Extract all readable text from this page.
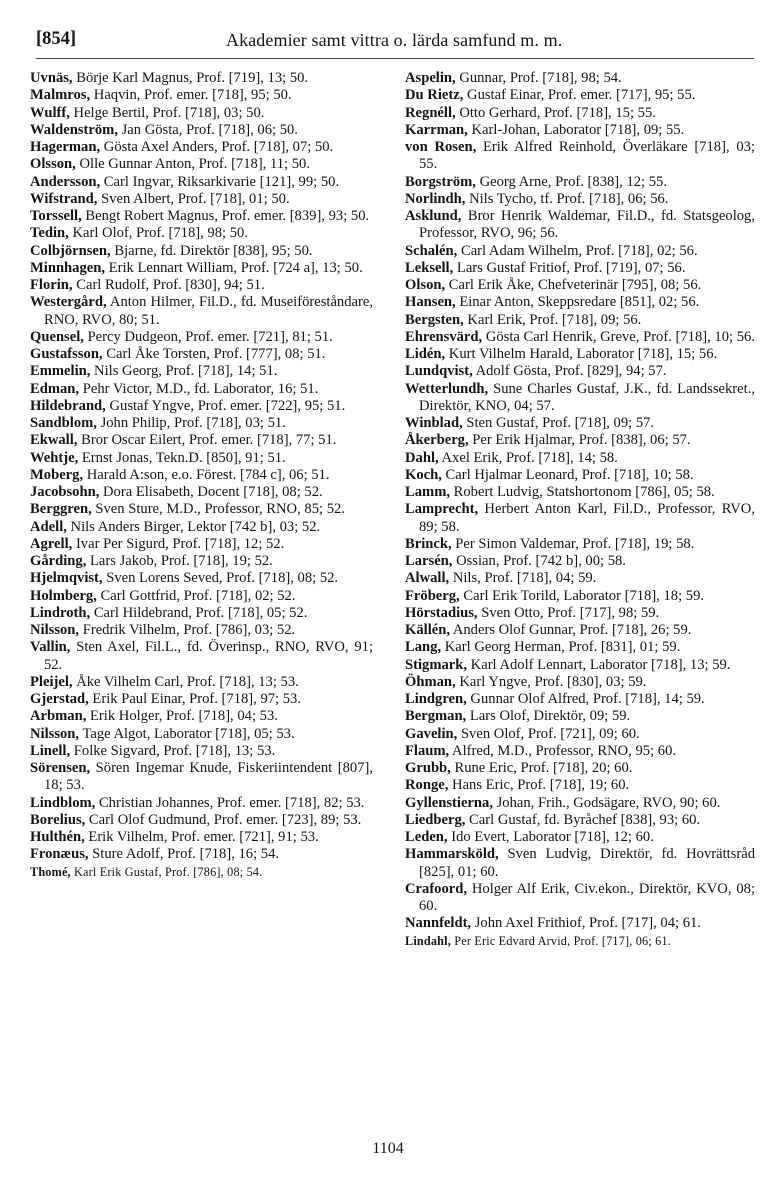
[854]	Akademier samt vittra o. lärda samfund m. m.

Uvnäs, Börje Karl Magnus, Prof. [719], 13; 50.

Malmros, Haqvin, Prof. emer. [718], 95; 50.

Wulff, Helge Bertil, Prof. [718], 03; 50.

Waldenström, Jan Gösta, Prof. [718], 06; 50.

Hagerman, Gösta Axel Anders, Prof. [718], 07; 50.

Olsson, Olle Gunnar Anton, Prof. [718], 11; 50.

Andersson, Carl Ingvar, Riksarkivarie [121], 99; 50.

Wifstrand, Sven Albert, Prof. [718], 01; 50.

Torssell, Bengt Robert Magnus, Prof. emer. [839], 93; 50.

Tedin, Karl Olof, Prof. [718], 98; 50.

Colbjörnsen, Bjarne, fd. Direktör [838], 95; 50.

Minnhagen, Erik Lennart William, Prof. [724 a], 13; 50.

Florin, Carl Rudolf, Prof. [830], 94; 51.

Westergård, Anton Hilmer, Fil.D., fd. Museiföreståndare, RNO, RVO, 80; 51.

Quensel, Percy Dudgeon, Prof. emer. [721], 81; 51.

Gustafsson, Carl Åke Torsten, Prof. [777], 08; 51.

Emmelin, Nils Georg, Prof. [718], 14; 51.

Edman, Pehr Victor, M.D., fd. Laborator, 16; 51.

Hildebrand, Gustaf Yngve, Prof. emer. [722], 95; 51.

Sandblom, John Philip, Prof. [718], 03; 51.

Ekwall, Bror Oscar Eilert, Prof. emer. [718], 77; 51.

Wehtje, Ernst Jonas, Tekn.D. [850], 91; 51.

Moberg, Harald A:son, e.o. Förest. [784 c], 06; 51.

Jacobsohn, Dora Elisabeth, Docent [718], 08; 52.

Berggren, Sven Sture, M.D., Professor, RNO, 85; 52.

Adell, Nils Anders Birger, Lektor [742 b], 03; 52.

Agrell, Ivar Per Sigurd, Prof. [718], 12; 52.

Gårding, Lars Jakob, Prof. [718], 19; 52.

Hjelmqvist, Sven Lorens Seved, Prof. [718], 08; 52.

Holmberg, Carl Gottfrid, Prof. [718], 02; 52.

Lindroth, Carl Hildebrand, Prof. [718], 05; 52.

Nilsson, Fredrik Vilhelm, Prof. [786], 03; 52.

Vallin, Sten Axel, Fil.L., fd. Överinsp., RNO, RVO, 91; 52.

Pleijel, Åke Vilhelm Carl, Prof. [718], 13; 53.

Gjerstad, Erik Paul Einar, Prof. [718], 97; 53.

Arbman, Erik Holger, Prof. [718], 04; 53.

Nilsson, Tage Algot, Laborator [718], 05; 53.

Linell, Folke Sigvard, Prof. [718], 13; 53.

Sörensen, Sören Ingemar Knude, Fiskeriintendent [807], 18; 53.

Lindblom, Christian Johannes, Prof. emer. [718], 82; 53.

Borelius, Carl Olof Gudmund, Prof. emer. [723], 89; 53.

Hulthén, Erik Vilhelm, Prof. emer. [721], 91; 53.

Fronæus, Sture Adolf, Prof. [718], 16; 54.

Thomé, Karl Erik Gustaf, Prof. [786], 08; 54.

Aspelin, Gunnar, Prof. [718], 98; 54.

Du Rietz, Gustaf Einar, Prof. emer. [717], 95; 55.

Regnéll, Otto Gerhard, Prof. [718], 15; 55.

Karrman, Karl-Johan, Laborator [718], 09; 55.

von Rosen, Erik Alfred Reinhold, Överläkare [718], 03; 55.

Borgström, Georg Arne, Prof. [838], 12; 55.

Norlindh, Nils Tycho, tf. Prof. [718], 06; 56.

Asklund, Bror Henrik Waldemar, Fil.D., fd. Statsgeolog, Professor, RVO, 96; 56.

Schalén, Carl Adam Wilhelm, Prof. [718], 02; 56.

Leksell, Lars Gustaf Fritiof, Prof. [719], 07; 56.

Olson, Carl Erik Åke, Chefveterinär [795], 08; 56.

Hansen, Einar Anton, Skeppsredare [851], 02; 56.

Bergsten, Karl Erik, Prof. [718], 09; 56.

Ehrensvärd, Gösta Carl Henrik, Greve, Prof. [718], 10; 56.

Lidén, Kurt Vilhelm Harald, Laborator [718], 15; 56.

Lundqvist, Adolf Gösta, Prof. [829], 94; 57.

Wetterlundh, Sune Charles Gustaf, J.K., fd. Landssekret., Direktör, KNO, 04; 57.

Winblad, Sten Gustaf, Prof. [718], 09; 57.

Åkerberg, Per Erik Hjalmar, Prof. [838], 06; 57.

Dahl, Axel Erik, Prof. [718], 14; 58.

Koch, Carl Hjalmar Leonard, Prof. [718], 10; 58.

Lamm, Robert Ludvig, Statshortonom [786], 05; 58.

Lamprecht, Herbert Anton Karl, Fil.D., Professor, RVO, 89; 58.

Brinck, Per Simon Valdemar, Prof. [718], 19; 58.

Larsén, Ossian, Prof. [742 b], 00; 58.

Alwall, Nils, Prof. [718], 04; 59.

Fröberg, Carl Erik Torild, Laborator [718], 18; 59.

Hörstadius, Sven Otto, Prof. [717], 98; 59.

Källén, Anders Olof Gunnar, Prof. [718], 26; 59.

Lang, Karl Georg Herman, Prof. [831], 01; 59.

Stigmark, Karl Adolf Lennart, Laborator [718], 13; 59.

Öhman, Karl Yngve, Prof. [830], 03; 59.

Lindgren, Gunnar Olof Alfred, Prof. [718], 14; 59.

Bergman, Lars Olof, Direktör, 09; 59.

Gavelin, Sven Olof, Prof. [721], 09; 60.

Flaum, Alfred, M.D., Professor, RNO, 95; 60.

Grubb, Rune Eric, Prof. [718], 20; 60.

Ronge, Hans Eric, Prof. [718], 19; 60.

Gyllenstierna, Johan, Frih., Godsägare, RVO, 90; 60.

Liedberg, Carl Gustaf, fd. Byråchef [838], 93; 60.

Leden, Ido Evert, Laborator [718], 12; 60.

Hammarsköld, Sven Ludvig, Direktör, fd. Hovrättsråd [825], 01; 60.

Crafoord, Holger Alf Erik, Civ.ekon., Direktör, KVO, 08; 60.

Nannfeldt, John Axel Frithiof, Prof. [717], 04; 61.

Lindahl, Per Eric Edvard Arvid, Prof. [717], 06; 61.

1104
